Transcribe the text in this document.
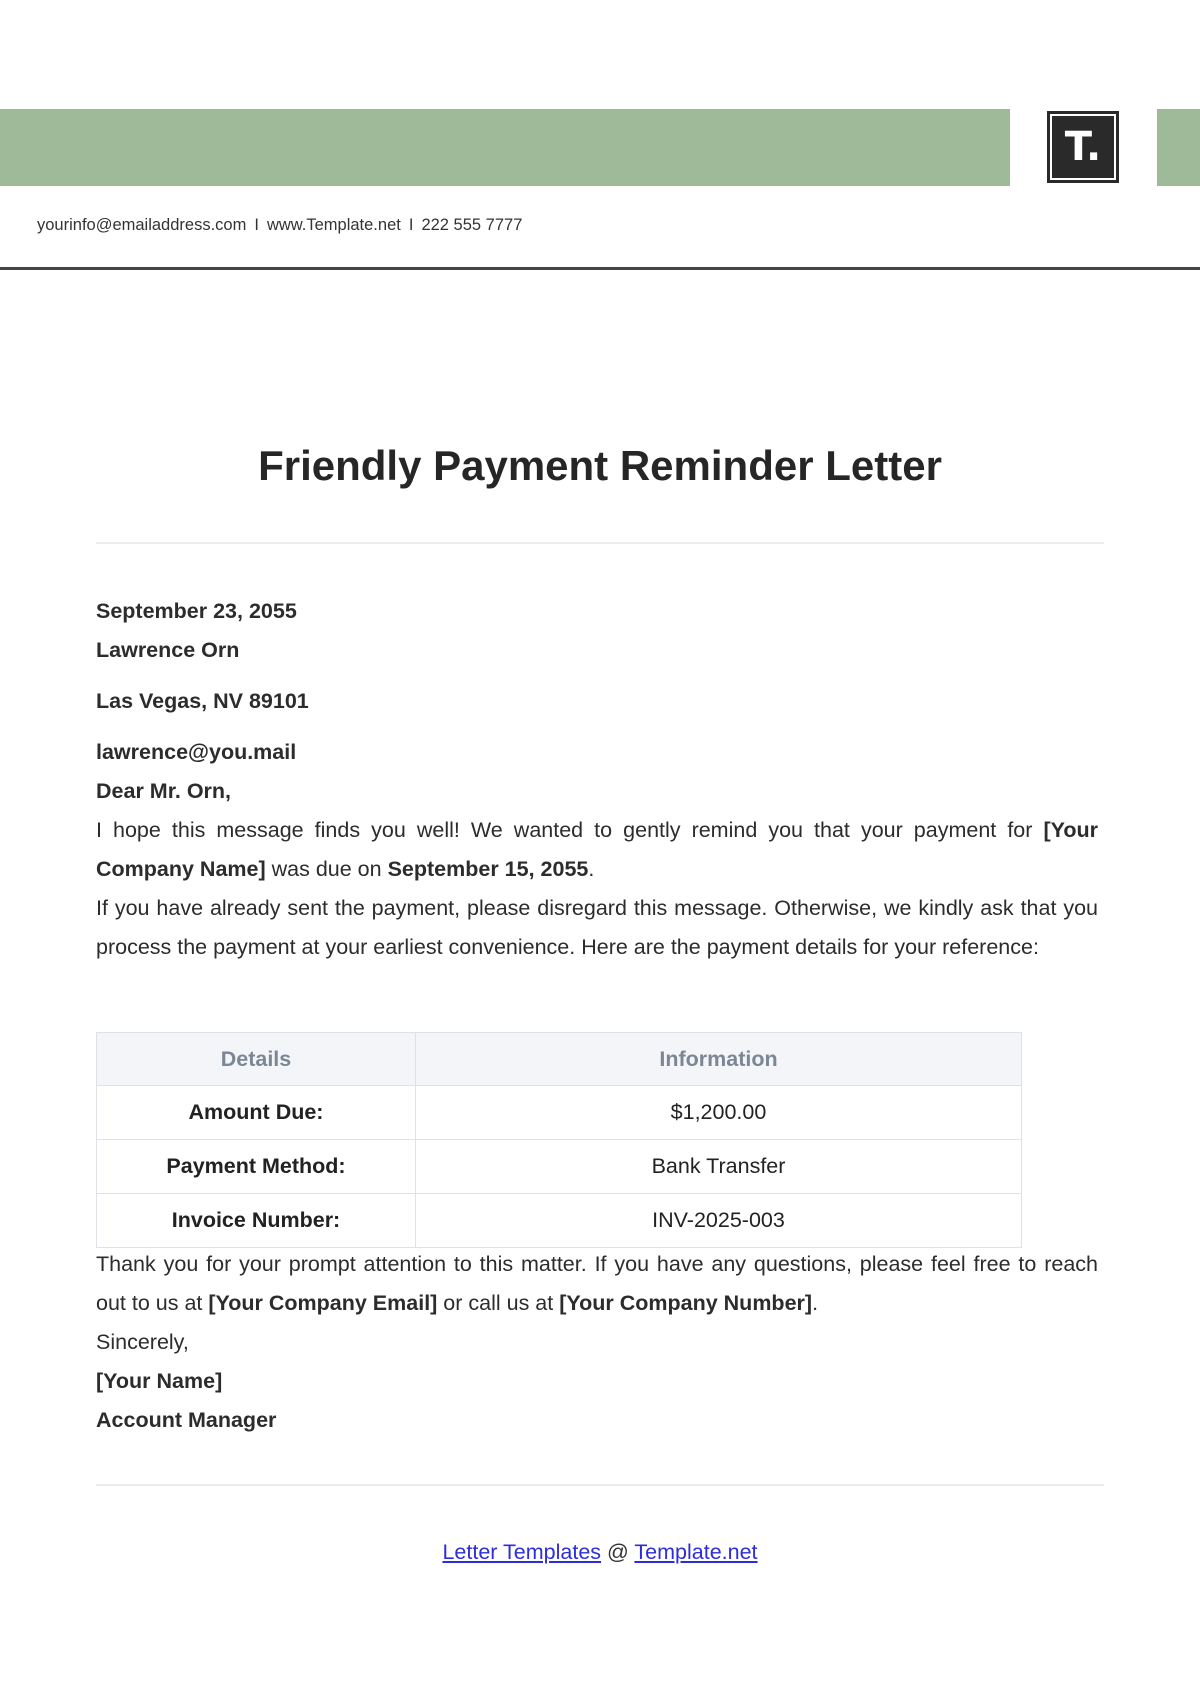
T.
yourinfo@emailaddress.com I www.Template.net I 222 555 7777
Friendly Payment Reminder Letter

September 23, 2055

Lawrence Orn

Las Vegas, NV 89101

lawrence@you.mail

Dear Mr. Orn,

I hope this message finds you well! We wanted to gently remind you that your payment for [Your Company Name] was due on September 15, 2055.

If you have already sent the payment, please disregard this message. Otherwise, we kindly ask that you process the payment at your earliest convenience. Here are the payment details for your reference:

Details	Information
Amount Due:	$1,200.00
Payment Method:	Bank Transfer
Invoice Number:	INV-2025-003

Thank you for your prompt attention to this matter. If you have any questions, please feel free to reach out to us at [Your Company Email] or call us at [Your Company Number].

Sincerely,

[Your Name]

Account Manager

Letter Templates @ Template.net
